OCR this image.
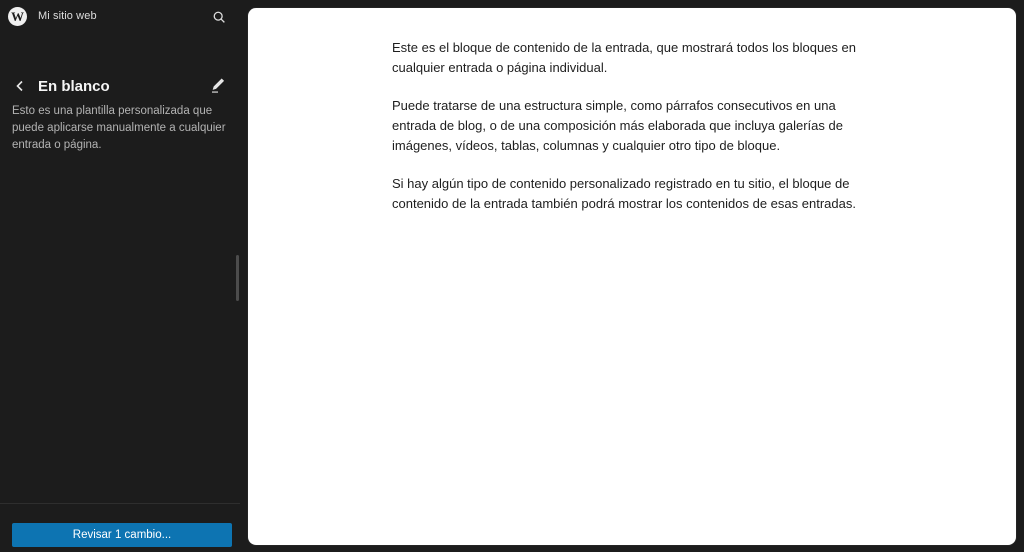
W Mi sitio web
En blanco

Esto es una plantilla personalizada que puede aplicarse manualmente a cualquier entrada o página.

Revisar 1 cambio...

Este es el bloque de contenido de la entrada, que mostrará todos los bloques en cualquier entrada o página individual.

Puede tratarse de una estructura simple, como párrafos consecutivos en una entrada de blog, o de una composición más elaborada que incluya galerías de imágenes, vídeos, tablas, columnas y cualquier otro tipo de bloque.

Si hay algún tipo de contenido personalizado registrado en tu sitio, el bloque de contenido de la entrada también podrá mostrar los contenidos de esas entradas.
